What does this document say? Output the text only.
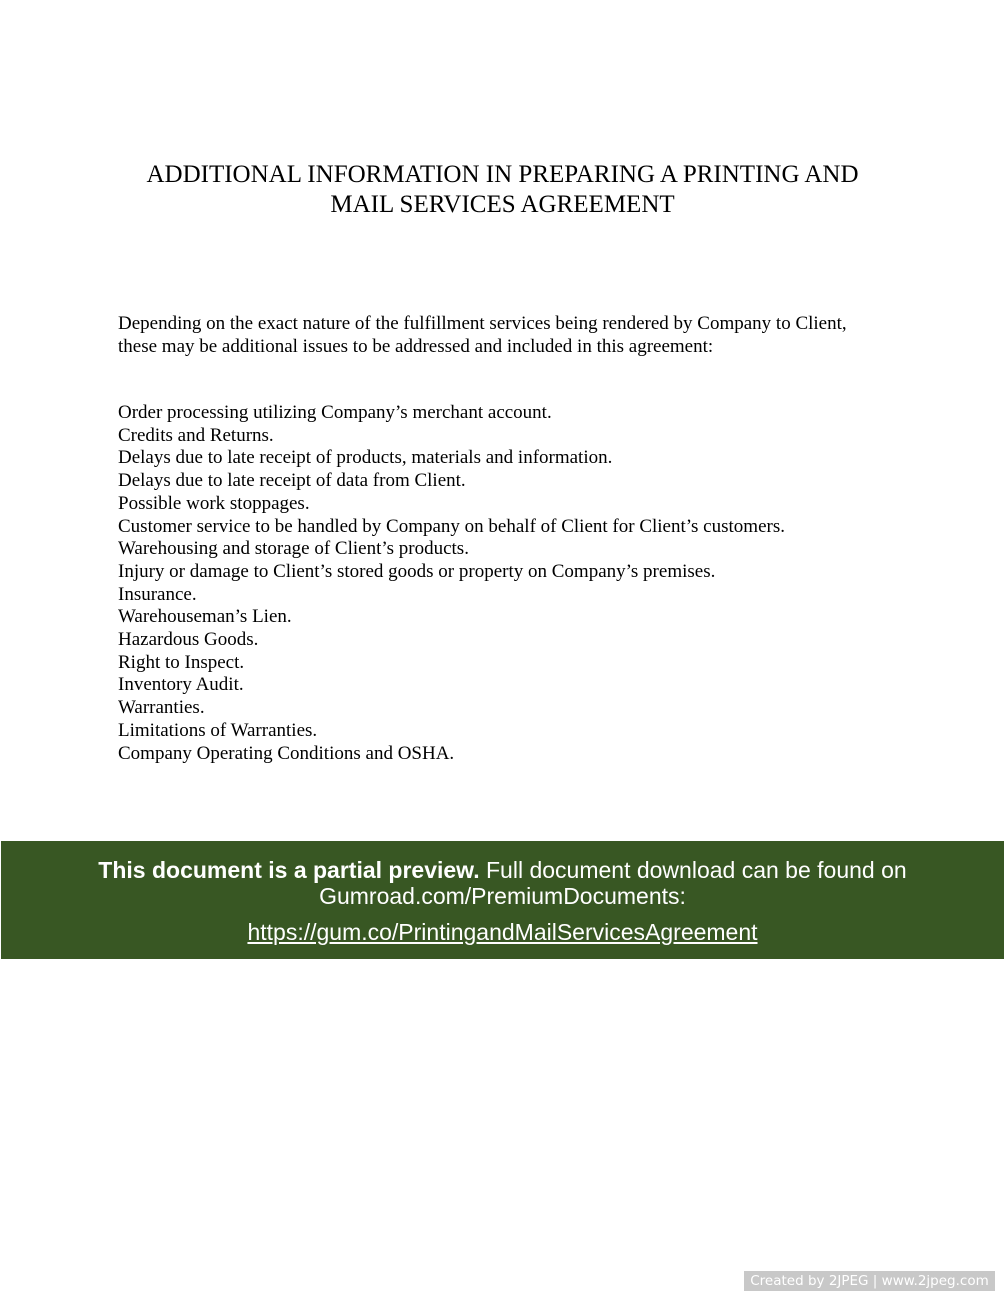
ADDITIONAL INFORMATION IN PREPARING A PRINTING AND
MAIL SERVICES AGREEMENT
Depending on the exact nature of the fulfillment services being rendered by Company to Client,
these may be additional issues to be addressed and included in this agreement:
Order processing utilizing Company’s merchant account.
Credits and Returns.
Delays due to late receipt of products, materials and information.
Delays due to late receipt of data from Client.
Possible work stoppages.
Customer service to be handled by Company on behalf of Client for Client’s customers.
Warehousing and storage of Client’s products.
Injury or damage to Client’s stored goods or property on Company’s premises.
Insurance.
Warehouseman’s Lien.
Hazardous Goods.
Right to Inspect.
Inventory Audit.
Warranties.
Limitations of Warranties.
Company Operating Conditions and OSHA.
This document is a partial preview. Full document download can be found on
Gumroad.com/PremiumDocuments:
https://gum.co/PrintingandMailServicesAgreement
Created by 2JPEG | www.2jpeg.com
